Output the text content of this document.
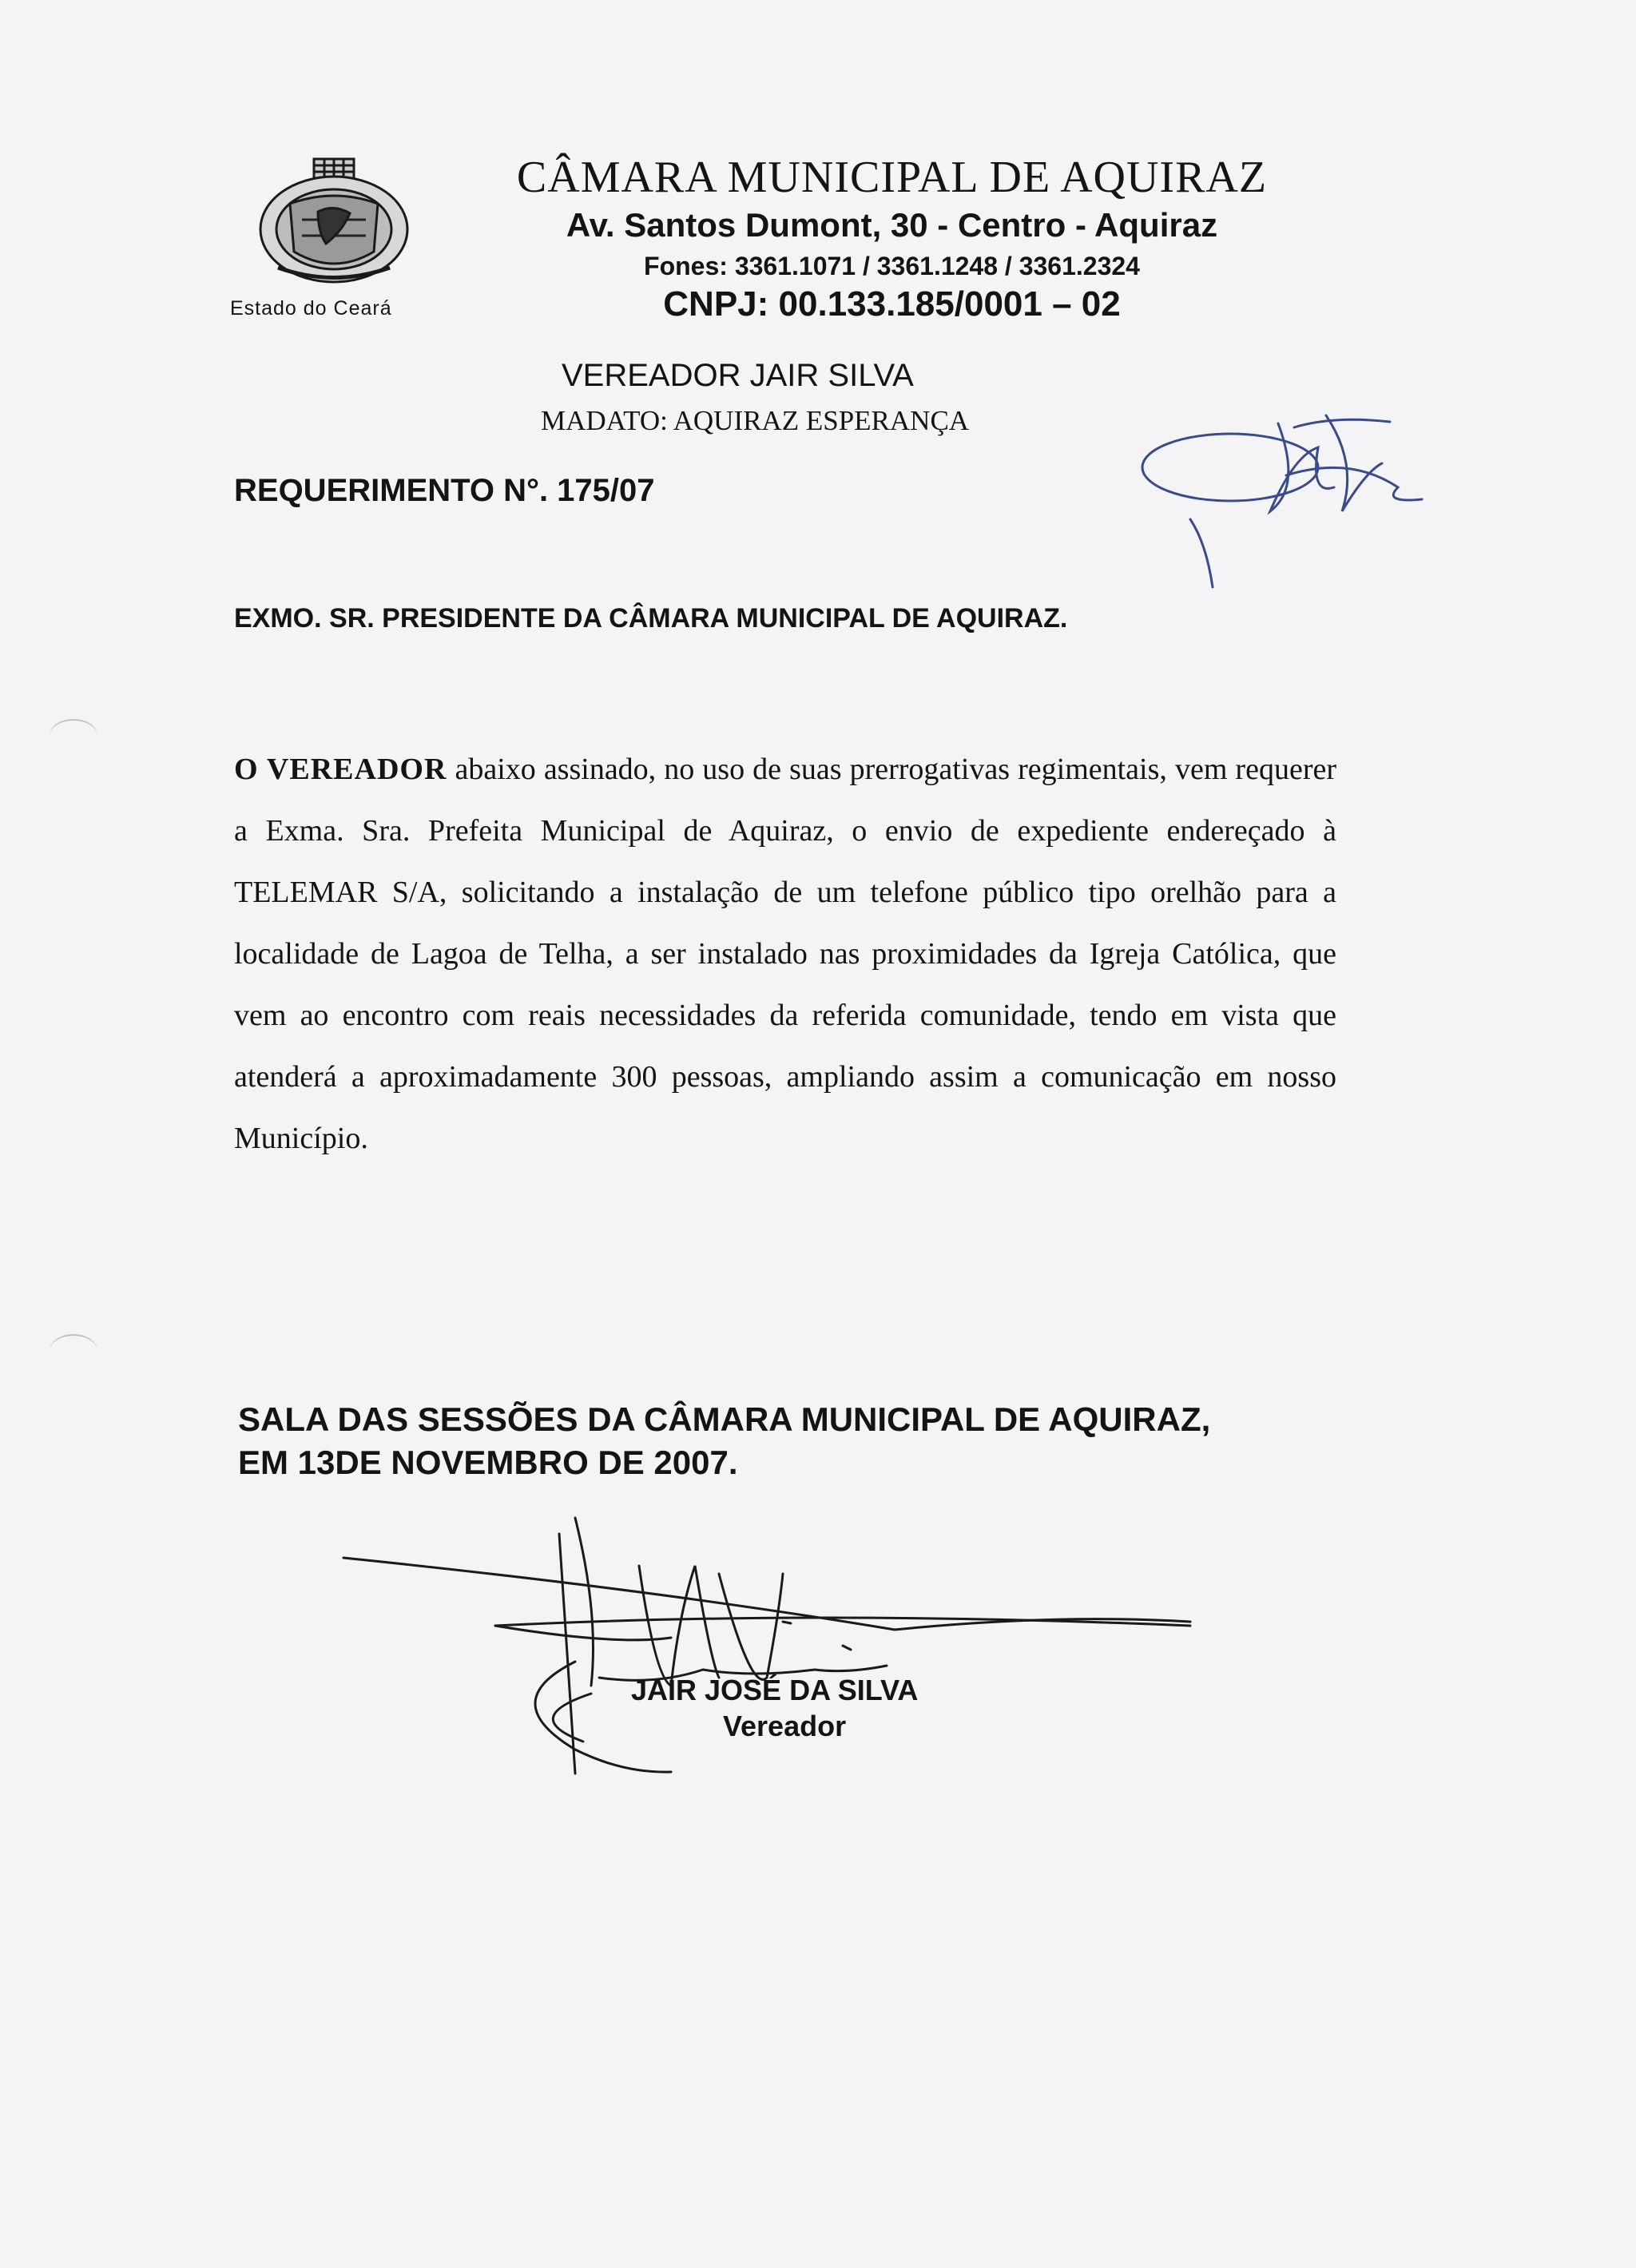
Estado do Ceará
CÂMARA MUNICIPAL DE AQUIRAZ
Av. Santos Dumont, 30 - Centro - Aquiraz
Fones: 3361.1071 / 3361.1248 / 3361.2324
CNPJ: 00.133.185/0001 – 02
VEREADOR JAIR SILVA
MADATO: AQUIRAZ ESPERANÇA
REQUERIMENTO N°. 175/07
EXMO. SR. PRESIDENTE DA CÂMARA MUNICIPAL DE AQUIRAZ.
O VEREADOR abaixo assinado, no uso de suas prerrogativas regimentais, vem requerer a Exma. Sra. Prefeita Municipal de Aquiraz, o envio de expediente endereçado à TELEMAR S/A, solicitando a instalação de um telefone público tipo orelhão para a localidade de Lagoa de Telha, a ser instalado nas proximidades da Igreja Católica, que vem ao encontro com reais necessidades da referida comunidade, tendo em vista que atenderá a aproximadamente 300 pessoas, ampliando assim a comunicação em nosso Município.
SALA DAS SESSÕES DA CÂMARA MUNICIPAL DE AQUIRAZ,
EM 13DE NOVEMBRO DE 2007.
JAIR JOSÉ DA SILVA
Vereador
